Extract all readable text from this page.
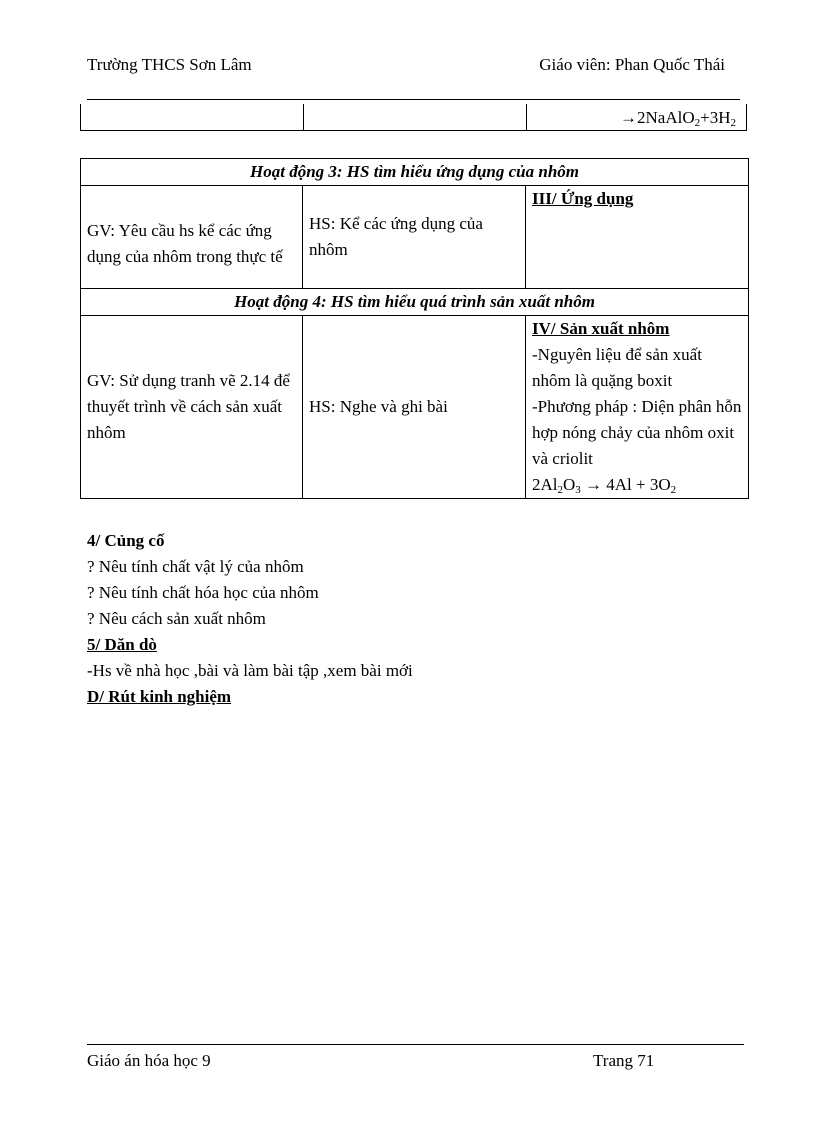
Trường THCS Sơn Lâm	Giáo viên: Phan Quốc Thái
$\to 2NaAlO_2+3H_2$
Hoạt động 3: HS tìm hiểu ứng dụng của nhôm		
GV: Yêu cầu hs kể các ứng dụng của nhôm trong thực tế	HS: Kể các ứng dụng của nhôm	III/ Ứng dụng
Hoạt động 4: HS tìm hiểu quá trình sản xuất nhôm		
GV: Sử dụng tranh vẽ 2.14 để thuyết trình về cách sản xuất nhôm	HS: Nghe và ghi bài	IV/ Sản xuất nhôm
-Nguyên liệu để sản xuất nhôm là quặng boxit
-Phương pháp : Diện phân hỗn hợp nóng chảy của nhôm oxit và criolit
$2Al_2O_3 \to 4Al + 3O_2$
4/ Củng cố
? Nêu tính chất vật lý của nhôm
? Nêu tính chất hóa học của nhôm
? Nêu cách sản xuất nhôm
5/ Dăn dò
-Hs về nhà học ,bài và làm bài tập ,xem bài mới
D/ Rút kinh nghiệm
Giáo án hóa học 9	Trang 71
